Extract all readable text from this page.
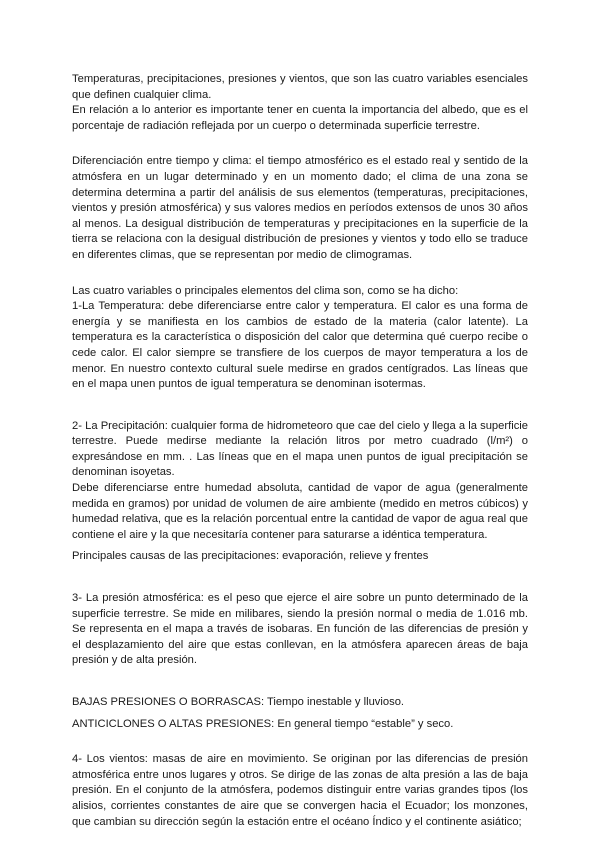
Temperaturas, precipitaciones, presiones y vientos, que son las cuatro variables esenciales que definen cualquier clima.

En relación a lo anterior es importante tener en cuenta la importancia del albedo, que es el porcentaje de radiación reflejada por un cuerpo o determinada superficie terrestre.

Diferenciación entre tiempo y clima: el tiempo atmosférico es el estado real y sentido de la atmósfera en un lugar determinado y en un momento dado; el clima de una zona se determina determina a partir del análisis de sus elementos (temperaturas, precipitaciones, vientos y presión atmosférica) y sus valores medios en períodos extensos de unos 30 años al menos. La desigual distribución de temperaturas y precipitaciones en la superficie de la tierra se relaciona con la desigual distribución de presiones y vientos y todo ello se traduce en diferentes climas, que se representan por medio de climogramas.

Las cuatro variables o principales elementos del clima son, como se ha dicho:

1-La Temperatura: debe diferenciarse entre calor y temperatura. El calor es una forma de energía y se manifiesta en los cambios de estado de la materia (calor latente). La temperatura es la característica o disposición del calor que determina qué cuerpo recibe o cede calor. El calor siempre se transfiere de los cuerpos de mayor temperatura a los de menor. En nuestro contexto cultural suele medirse en grados centígrados. Las líneas que en el mapa unen puntos de igual temperatura se denominan isotermas.

2- La Precipitación: cualquier forma de hidrometeoro que cae del cielo y llega a la superficie terrestre. Puede medirse mediante la relación litros por metro cuadrado (l/m²) o expresándose en mm. . Las líneas que en el mapa unen puntos de igual precipitación se denominan isoyetas.

Debe diferenciarse entre humedad absoluta, cantidad de vapor de agua (generalmente medida en gramos) por unidad de volumen de aire ambiente (medido en metros cúbicos) y humedad relativa, que es la relación porcentual entre la cantidad de vapor de agua real que contiene el aire y la que necesitaría contener para saturarse a idéntica temperatura.

Principales causas de las precipitaciones: evaporación, relieve y frentes

3- La presión atmosférica: es el peso que ejerce el aire sobre un punto determinado de la superficie terrestre. Se mide en milibares, siendo la presión normal o media de 1.016 mb. Se representa en el mapa a través de isobaras. En función de las diferencias de presión y el desplazamiento del aire que estas conllevan, en la atmósfera aparecen áreas de baja presión y de alta presión.

BAJAS PRESIONES O BORRASCAS: Tiempo inestable y lluvioso.

ANTICICLONES O ALTAS PRESIONES: En general tiempo “estable” y seco.

4- Los vientos: masas de aire en movimiento. Se originan por las diferencias de presión atmosférica entre unos lugares y otros. Se dirige de las zonas de alta presión a las de baja presión. En el conjunto de la atmósfera, podemos distinguir entre varias grandes tipos (los alisios, corrientes constantes de aire que se convergen hacia el Ecuador; los monzones, que cambian su dirección según la estación entre el océano Índico y el continente asiático;
